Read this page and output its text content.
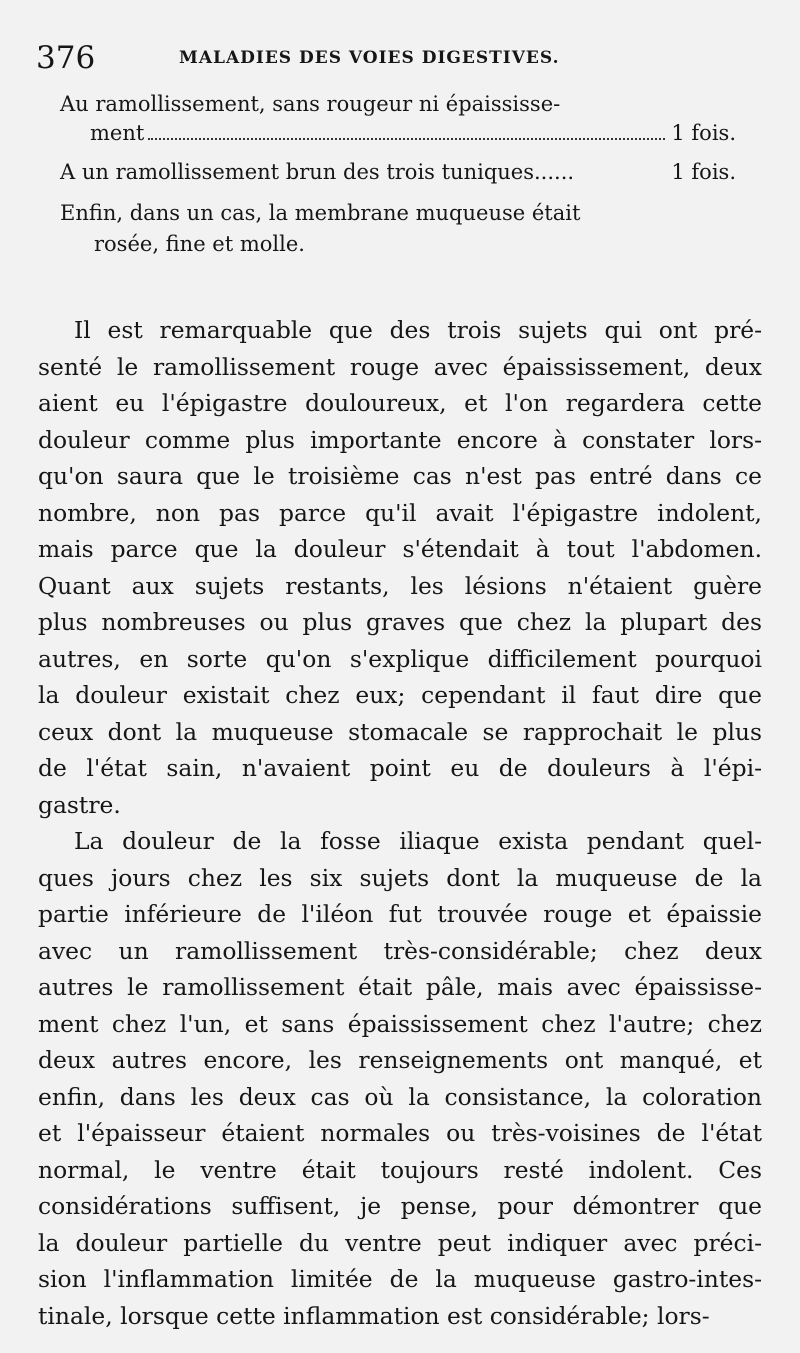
376	MALADIES DES VOIES DIGESTIVES.
Au ramollissement, sans rougeur ni épaississe-
ment	1 fois.
A un ramollissement brun des trois tuniques......	1 fois.
Enfin, dans un cas, la membrane muqueuse était
rosée, fine et molle.
Il est remarquable que des trois sujets qui ont pré-
senté le ramollissement rouge avec épaississement, deux
aient eu l'épigastre douloureux, et l'on regardera cette
douleur comme plus importante encore à constater lors-
qu'on saura que le troisième cas n'est pas entré dans ce
nombre, non pas parce qu'il avait l'épigastre indolent,
mais parce que la douleur s'étendait à tout l'abdomen.
Quant aux sujets restants, les lésions n'étaient guère
plus nombreuses ou plus graves que chez la plupart des
autres, en sorte qu'on s'explique difficilement pourquoi
la douleur existait chez eux; cependant il faut dire que
ceux dont la muqueuse stomacale se rapprochait le plus
de l'état sain, n'avaient point eu de douleurs à l'épi-
gastre.
La douleur de la fosse iliaque exista pendant quel-
ques jours chez les six sujets dont la muqueuse de la
partie inférieure de l'iléon fut trouvée rouge et épaissie
avec un ramollissement très-considérable; chez deux
autres le ramollissement était pâle, mais avec épaississe-
ment chez l'un, et sans épaississement chez l'autre; chez
deux autres encore, les renseignements ont manqué, et
enfin, dans les deux cas où la consistance, la coloration
et l'épaisseur étaient normales ou très-voisines de l'état
normal, le ventre était toujours resté indolent. Ces
considérations suffisent, je pense, pour démontrer que
la douleur partielle du ventre peut indiquer avec préci-
sion l'inflammation limitée de la muqueuse gastro-intes-
tinale, lorsque cette inflammation est considérable; lors-
